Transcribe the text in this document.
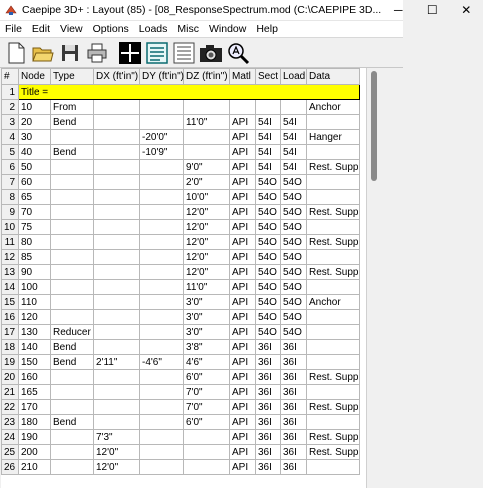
Caepipe 3D+ : Layout (85) - [08_ResponseSpectrum.mod (C:\CAEPIPE 3D...	─	☐	✕
File Edit View Options Loads Misc Window Help
#	Node	Type	DX (ft'in")	DY (ft'in")	DZ (ft'in")	Matl	Sect	Load	Data
1	Title =								
2	10	From							Anchor
3	20	Bend			11'0"	API	54I	54I	
4	30			-20'0"		API	54I	54I	Hanger
5	40	Bend		-10'9"		API	54I	54I	
6	50				9'0"	API	54I	54I	Rest. Supp
7	60				2'0"	API	54O	54O	
8	65				10'0"	API	54O	54O	
9	70				12'0"	API	54O	54O	Rest. Supp
10	75				12'0"	API	54O	54O	
11	80				12'0"	API	54O	54O	Rest. Supp
12	85				12'0"	API	54O	54O	
13	90				12'0"	API	54O	54O	Rest. Supp
14	100				11'0"	API	54O	54O	
15	110				3'0"	API	54O	54O	Anchor
16	120				3'0"	API	54O	54O	
17	130	Reducer			3'0"	API	54O	54O	
18	140	Bend			3'8"	API	36I	36I	
19	150	Bend	2'11"	-4'6"	4'6"	API	36I	36I	
20	160				6'0"	API	36I	36I	Rest. Supp
21	165				7'0"	API	36I	36I	
22	170				7'0"	API	36I	36I	Rest. Supp
23	180	Bend			6'0"	API	36I	36I	
24	190		7'3"			API	36I	36I	Rest. Supp
25	200		12'0"			API	36I	36I	Rest. Supp
26	210		12'0"			API	36I	36I	
